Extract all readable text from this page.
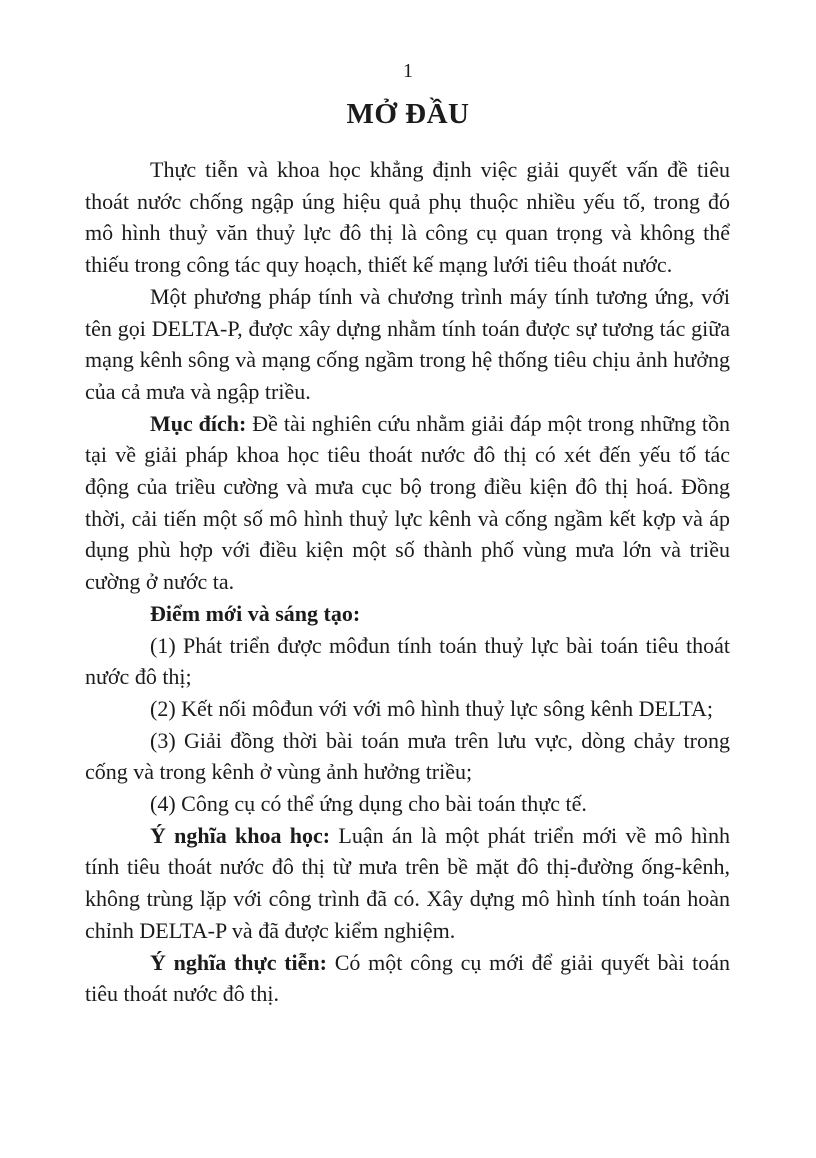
1
MỞ ĐẦU

Thực tiễn và khoa học khẳng định việc giải quyết vấn đề tiêu thoát nước chống ngập úng hiệu quả phụ thuộc nhiều yếu tố, trong đó mô hình thuỷ văn thuỷ lực đô thị là công cụ quan trọng và không thể thiếu trong công tác quy hoạch, thiết kế mạng lưới tiêu thoát nước.

Một phương pháp tính và chương trình máy tính tương ứng, với tên gọi DELTA-P, được xây dựng nhằm tính toán được sự tương tác giữa mạng kênh sông và mạng cống ngầm trong hệ thống tiêu chịu ảnh hưởng của cả mưa và ngập triều.

Mục đích: Đề tài nghiên cứu nhằm giải đáp một trong những tồn tại về giải pháp khoa học tiêu thoát nước đô thị có xét đến yếu tố tác động của triều cường và mưa cục bộ trong điều kiện đô thị hoá. Đồng thời, cải tiến một số mô hình thuỷ lực kênh và cống ngầm kết kợp và áp dụng phù hợp với điều kiện một số thành phố vùng mưa lớn và triều cường ở nước ta.

Điểm mới và sáng tạo:

(1) Phát triển được môđun tính toán thuỷ lực bài toán tiêu thoát nước đô thị;

(2) Kết nối môđun với với mô hình thuỷ lực sông kênh DELTA;

(3) Giải đồng thời bài toán mưa trên lưu vực, dòng chảy trong cống và trong kênh ở vùng ảnh hưởng triều;

(4) Công cụ có thể ứng dụng cho bài toán thực tế.

Ý nghĩa khoa học: Luận án là một phát triển mới về mô hình tính tiêu thoát nước đô thị từ mưa trên bề mặt đô thị-đường ống-kênh, không trùng lặp với công trình đã có. Xây dựng mô hình tính toán hoàn chỉnh DELTA-P và đã được kiểm nghiệm.

Ý nghĩa thực tiễn: Có một công cụ mới để giải quyết bài toán tiêu thoát nước đô thị.
